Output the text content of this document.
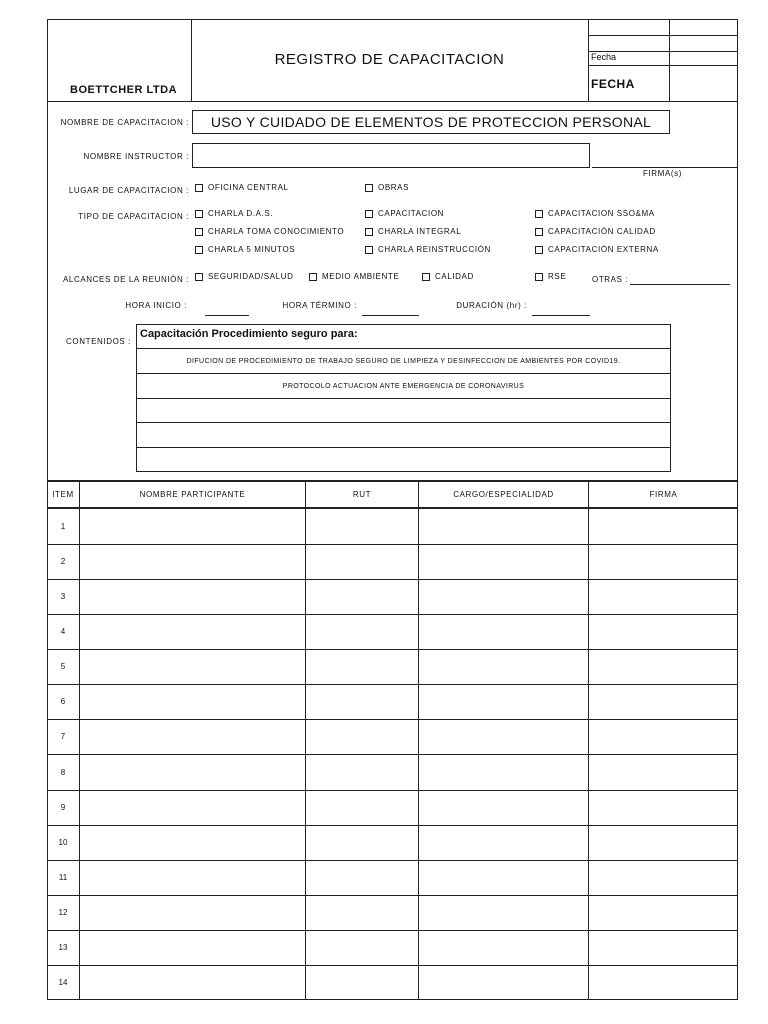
BOETTCHER LTDA
REGISTRO DE CAPACITACION	Fecha
FECHA
NOMBRE DE CAPACITACION :	USO Y CUIDADO DE ELEMENTOS DE PROTECCION PERSONAL
NOMBRE INSTRUCTOR :
FIRMA(s)
LUGAR DE CAPACITACION : OFICINA CENTRAL	OBRAS
TIPO DE CAPACITACION : CHARLA D.A.S.	CAPACITACION	CAPACITACION SSO&MA
CHARLA TOMA CONOCIMIENTO	CHARLA INTEGRAL	CAPACITACIÓN CALIDAD
CHARLA 5 MINUTOS	CHARLA REINSTRUCCIÓN	CAPACITACIÓN EXTERNA
ALCANCES DE LA REUNIÓN : SEGURIDAD/SALUD	MEDIO AMBIENTE	CALIDAD	RSE	OTRAS :
HORA INICIO :	HORA TÉRMINO :	DURACIÓN (hr) :
CONTENIDOS :
Capacitación Procedimiento seguro para:
DIFUCION DE PROCEDIMIENTO DE TRABAJO SEGURO DE LIMPIEZA Y DESINFECCION DE AMBIENTES POR COVID19.
PROTOCOLO ACTUACION ANTE EMERGENCIA DE CORONAVIRUS
ITEM	NOMBRE PARTICIPANTE	RUT	CARGO/ESPECIALIDAD	FIRMA
1
2
3
4
5
6
7
8
9
10
11
12
13
14
